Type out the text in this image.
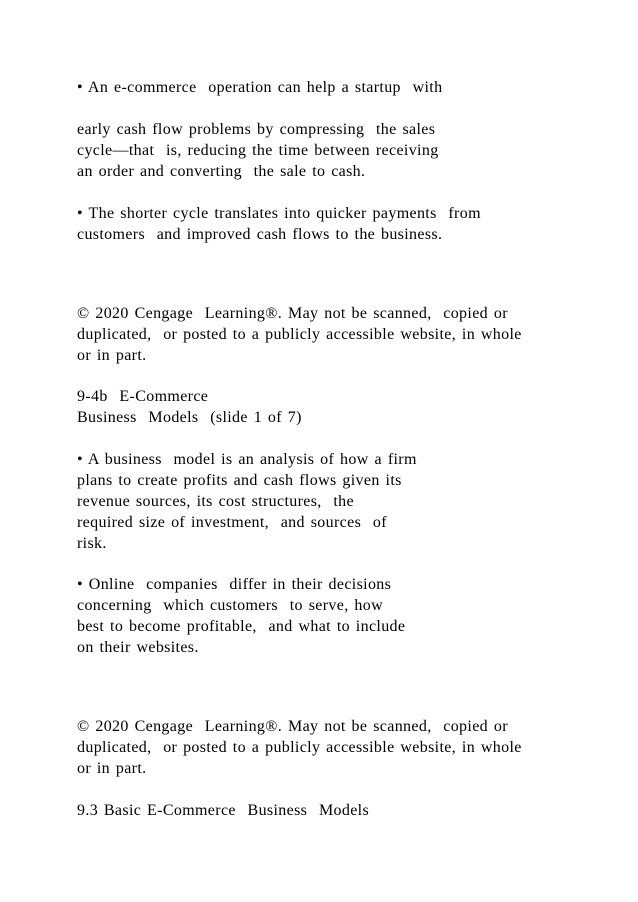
• An e-commerce  operation can help a startup  with
early cash flow problems by compressing  the sales
cycle—that  is, reducing the time between receiving
an order and converting  the sale to cash.
• The shorter cycle translates into quicker payments  from
customers  and improved cash flows to the business.
© 2020 Cengage  Learning®. May not be scanned,  copied or
duplicated,  or posted to a publicly accessible website, in whole
or in part.
9-4b  E-Commerce
Business  Models  (slide 1 of 7)
• A business  model is an analysis of how a firm
plans to create profits and cash flows given its
revenue sources, its cost structures,  the
required size of investment,  and sources  of
risk.
• Online  companies  differ in their decisions
concerning  which customers  to serve, how
best to become profitable,  and what to include
on their websites.
© 2020 Cengage  Learning®. May not be scanned,  copied or
duplicated,  or posted to a publicly accessible website, in whole
or in part.
9.3 Basic E-Commerce  Business  Models
